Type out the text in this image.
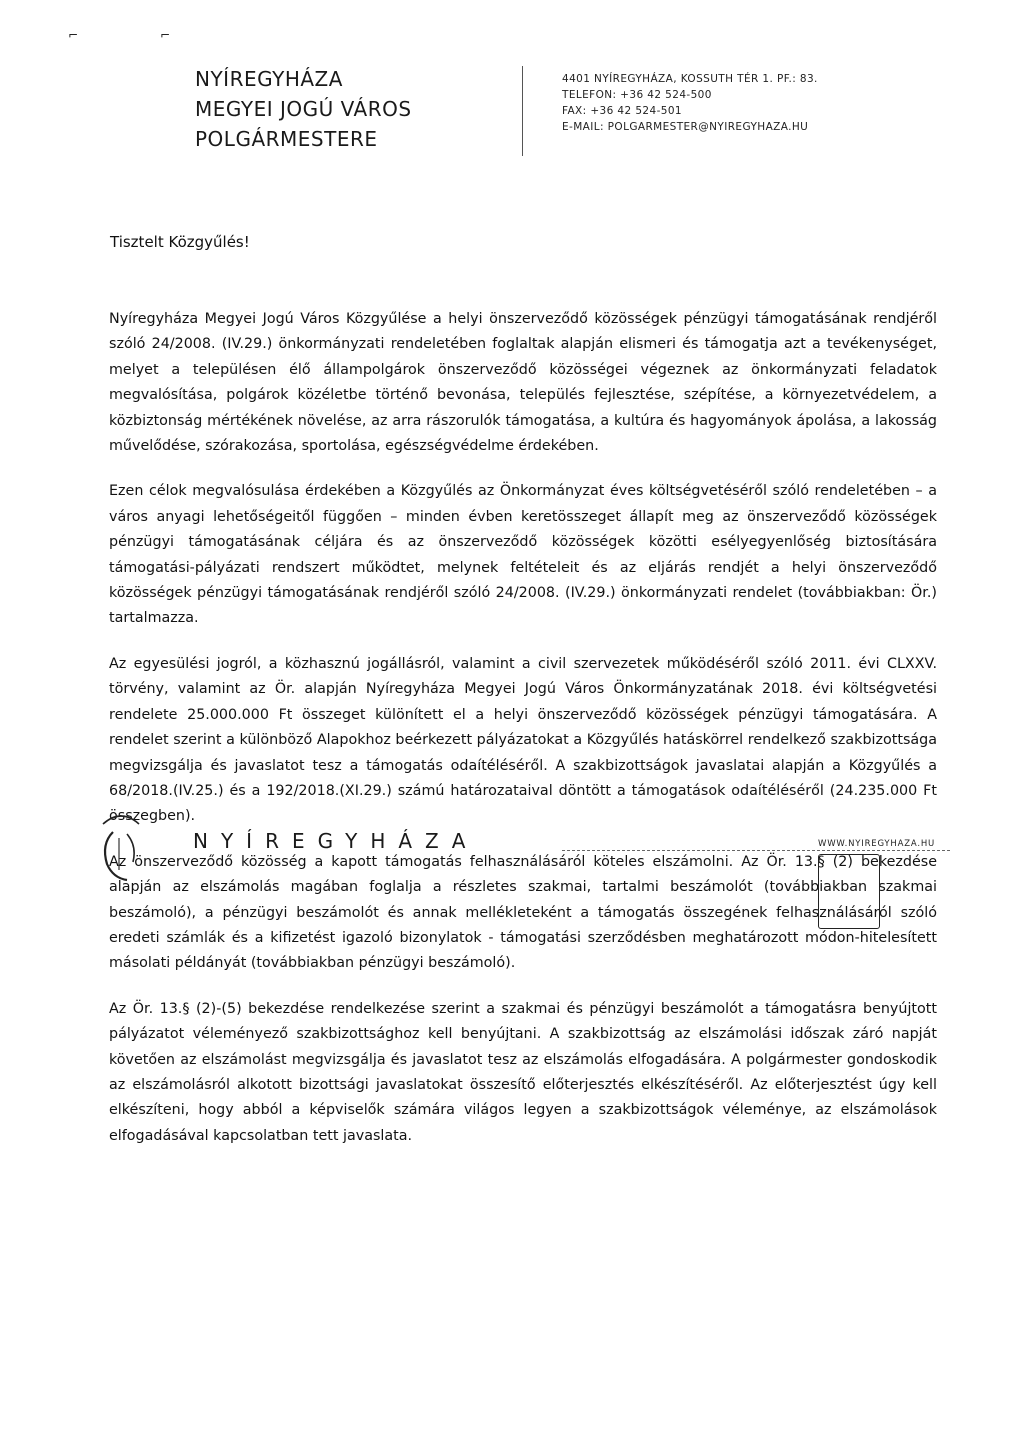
⌐	⌐
NYÍREGYHÁZA
MEGYEI JOGÚ VÁROS
POLGÁRMESTERE
4401 NYÍREGYHÁZA, KOSSUTH TÉR 1. PF.: 83.
TELEFON: +36 42 524-500
FAX: +36 42 524-501
E-MAIL: POLGARMESTER@NYIREGYHAZA.HU
Tisztelt Közgyűlés!

Nyíregyháza Megyei Jogú Város Közgyűlése a helyi önszerveződő közösségek pénzügyi támogatásának rendjéről szóló 24/2008. (IV.29.) önkormányzati rendeletében foglaltak alapján elismeri és támogatja azt a tevékenységet, melyet a településen élő állampolgárok önszerveződő közösségei végeznek az önkormányzati feladatok megvalósítása, polgárok közéletbe történő bevonása, település fejlesztése, szépítése, a környezetvédelem, a közbiztonság mértékének növelése, az arra rászorulók támogatása, a kultúra és hagyományok ápolása, a lakosság művelődése, szórakozása, sportolása, egészségvédelme érdekében.

Ezen célok megvalósulása érdekében a Közgyűlés az Önkormányzat éves költségvetéséről szóló rendeletében – a város anyagi lehetőségeitől függően – minden évben keretösszeget állapít meg az önszerveződő közösségek pénzügyi támogatásának céljára és az önszerveződő közösségek közötti esélyegyenlőség biztosítására támogatási-pályázati rendszert működtet, melynek feltételeit és az eljárás rendjét a helyi önszerveződő közösségek pénzügyi támogatásának rendjéről szóló 24/2008. (IV.29.) önkormányzati rendelet (továbbiakban: Ör.) tartalmazza.

Az egyesülési jogról, a közhasznú jogállásról, valamint a civil szervezetek működéséről szóló 2011. évi CLXXV. törvény, valamint az Ör. alapján Nyíregyháza Megyei Jogú Város Önkormányzatának 2018. évi költségvetési rendelete 25.000.000 Ft összeget különített el a helyi önszerveződő közösségek pénzügyi támogatására. A rendelet szerint a különböző Alapokhoz beérkezett pályázatokat a Közgyűlés hatáskörrel rendelkező szakbizottsága megvizsgálja és javaslatot tesz a támogatás odaítéléséről. A szakbizottságok javaslatai alapján a Közgyűlés a 68/2018.(IV.25.) és a 192/2018.(XI.29.) számú határozataival döntött a támogatások odaítéléséről (24.235.000 Ft összegben).

Az önszerveződő közösség a kapott támogatás felhasználásáról köteles elszámolni. Az Ör. 13.§ (2) bekezdése alapján az elszámolás magában foglalja a részletes szakmai, tartalmi beszámolót (továbbiakban szakmai beszámoló), a pénzügyi beszámolót és annak mellékleteként a támogatás összegének felhasználásáról szóló eredeti számlák és a kifizetést igazoló bizonylatok - támogatási szerződésben meghatározott módon-hitelesített másolati példányát (továbbiakban pénzügyi beszámoló).

Az Ör. 13.§ (2)-(5) bekezdése rendelkezése szerint a szakmai és pénzügyi beszámolót a támogatásra benyújtott pályázatot véleményező szakbizottsághoz kell benyújtani. A szakbizottság az elszámolási időszak záró napját követően az elszámolást megvizsgálja és javaslatot tesz az elszámolás elfogadására. A polgármester gondoskodik az elszámolásról alkotott bizottsági javaslatokat összesítő előterjesztés elkészítéséről. Az előterjesztést úgy kell elkészíteni, hogy abból a képviselők számára világos legyen a szakbizottságok véleménye, az elszámolások elfogadásával kapcsolatban tett javaslata.

WWW.NYIREGYHAZA.HU
NYÍREGYHÁZA
